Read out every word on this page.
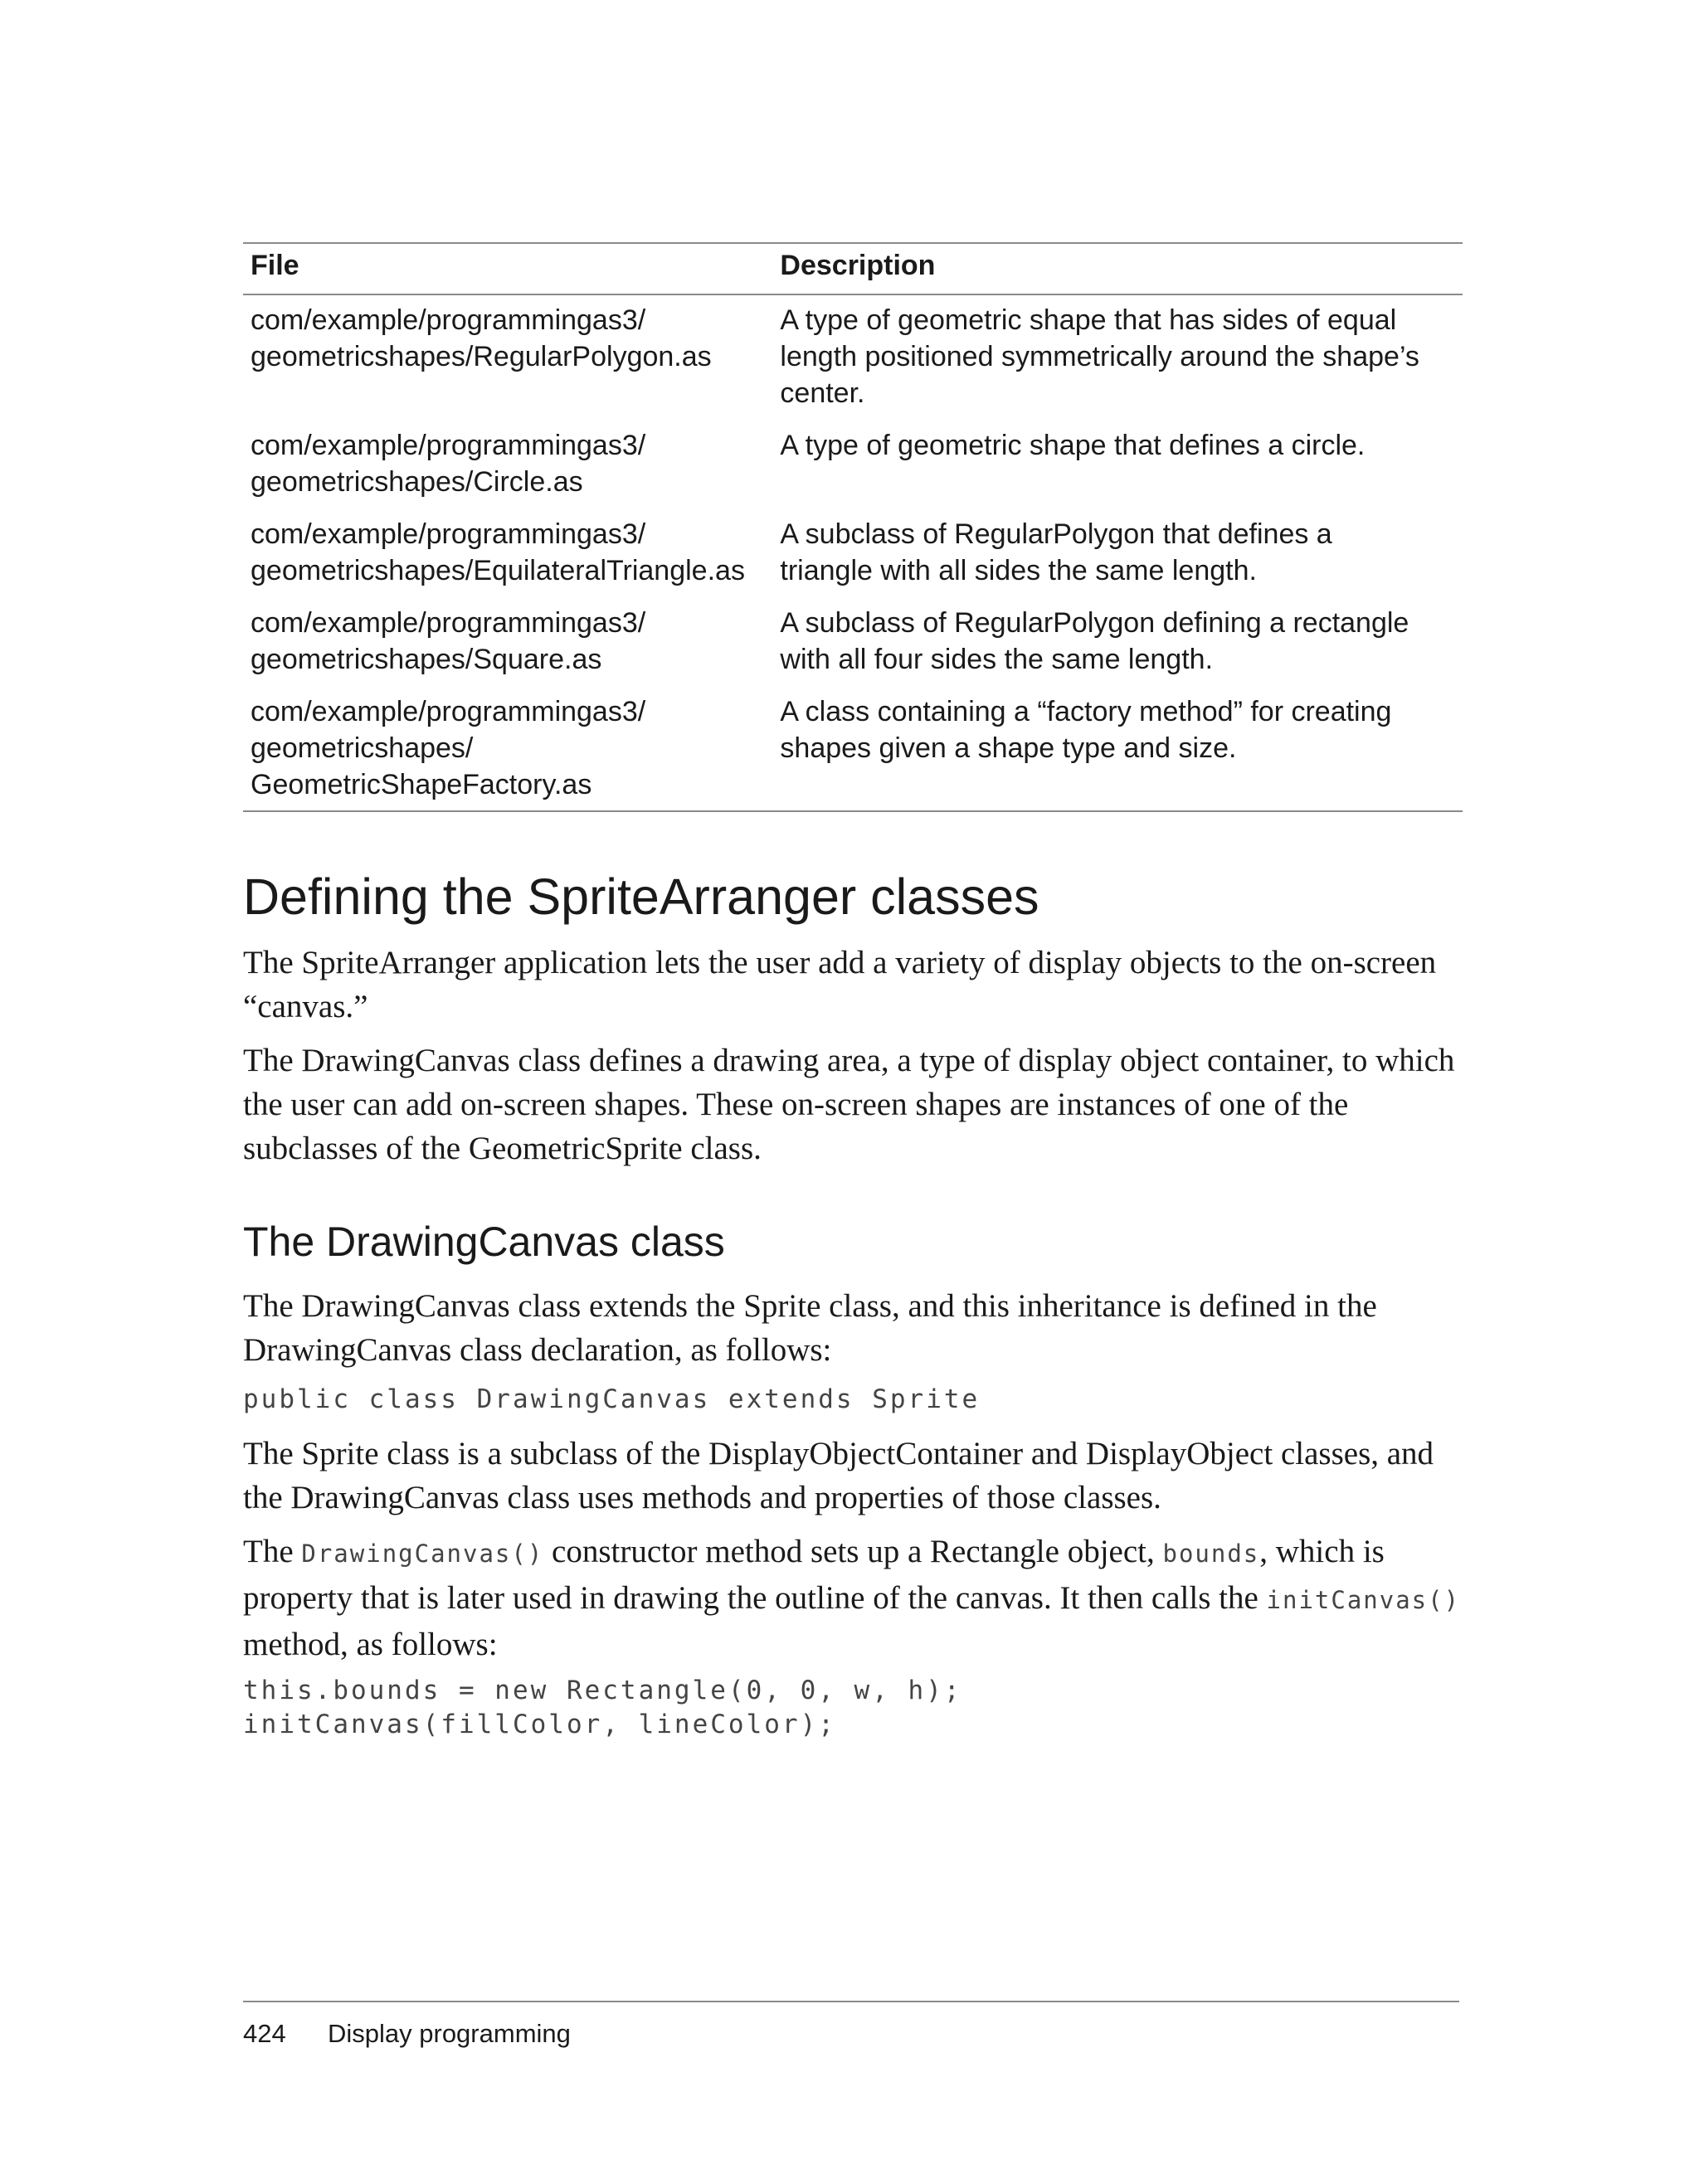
File	Description

com/example/programmingas3/
geometricshapes/RegularPolygon.as	A type of geometric shape that has sides of equal
length positioned symmetrically around the shape’s
center.

com/example/programmingas3/
geometricshapes/Circle.as	A type of geometric shape that defines a circle.

com/example/programmingas3/
geometricshapes/EquilateralTriangle.as	A subclass of RegularPolygon that defines a
triangle with all sides the same length.

com/example/programmingas3/
geometricshapes/Square.as	A subclass of RegularPolygon defining a rectangle
with all four sides the same length.

com/example/programmingas3/
geometricshapes/
GeometricShapeFactory.as	A class containing a “factory method” for creating
shapes given a shape type and size.
Defining the SpriteArranger classes

The SpriteArranger application lets the user add a variety of display objects to the on-screen
“canvas.”

The DrawingCanvas class defines a drawing area, a type of display object container, to which
the user can add on-screen shapes. These on-screen shapes are instances of one of the
subclasses of the GeometricSprite class.

The DrawingCanvas class

The DrawingCanvas class extends the Sprite class, and this inheritance is defined in the
DrawingCanvas class declaration, as follows:

public class DrawingCanvas extends Sprite

The Sprite class is a subclass of the DisplayObjectContainer and DisplayObject classes, and
the DrawingCanvas class uses methods and properties of those classes.

The DrawingCanvas() constructor method sets up a Rectangle object, bounds, which is
property that is later used in drawing the outline of the canvas. It then calls the initCanvas()
method, as follows:

this.bounds = new Rectangle(0, 0, w, h);
initCanvas(fillColor, lineColor);
424 Display programming
